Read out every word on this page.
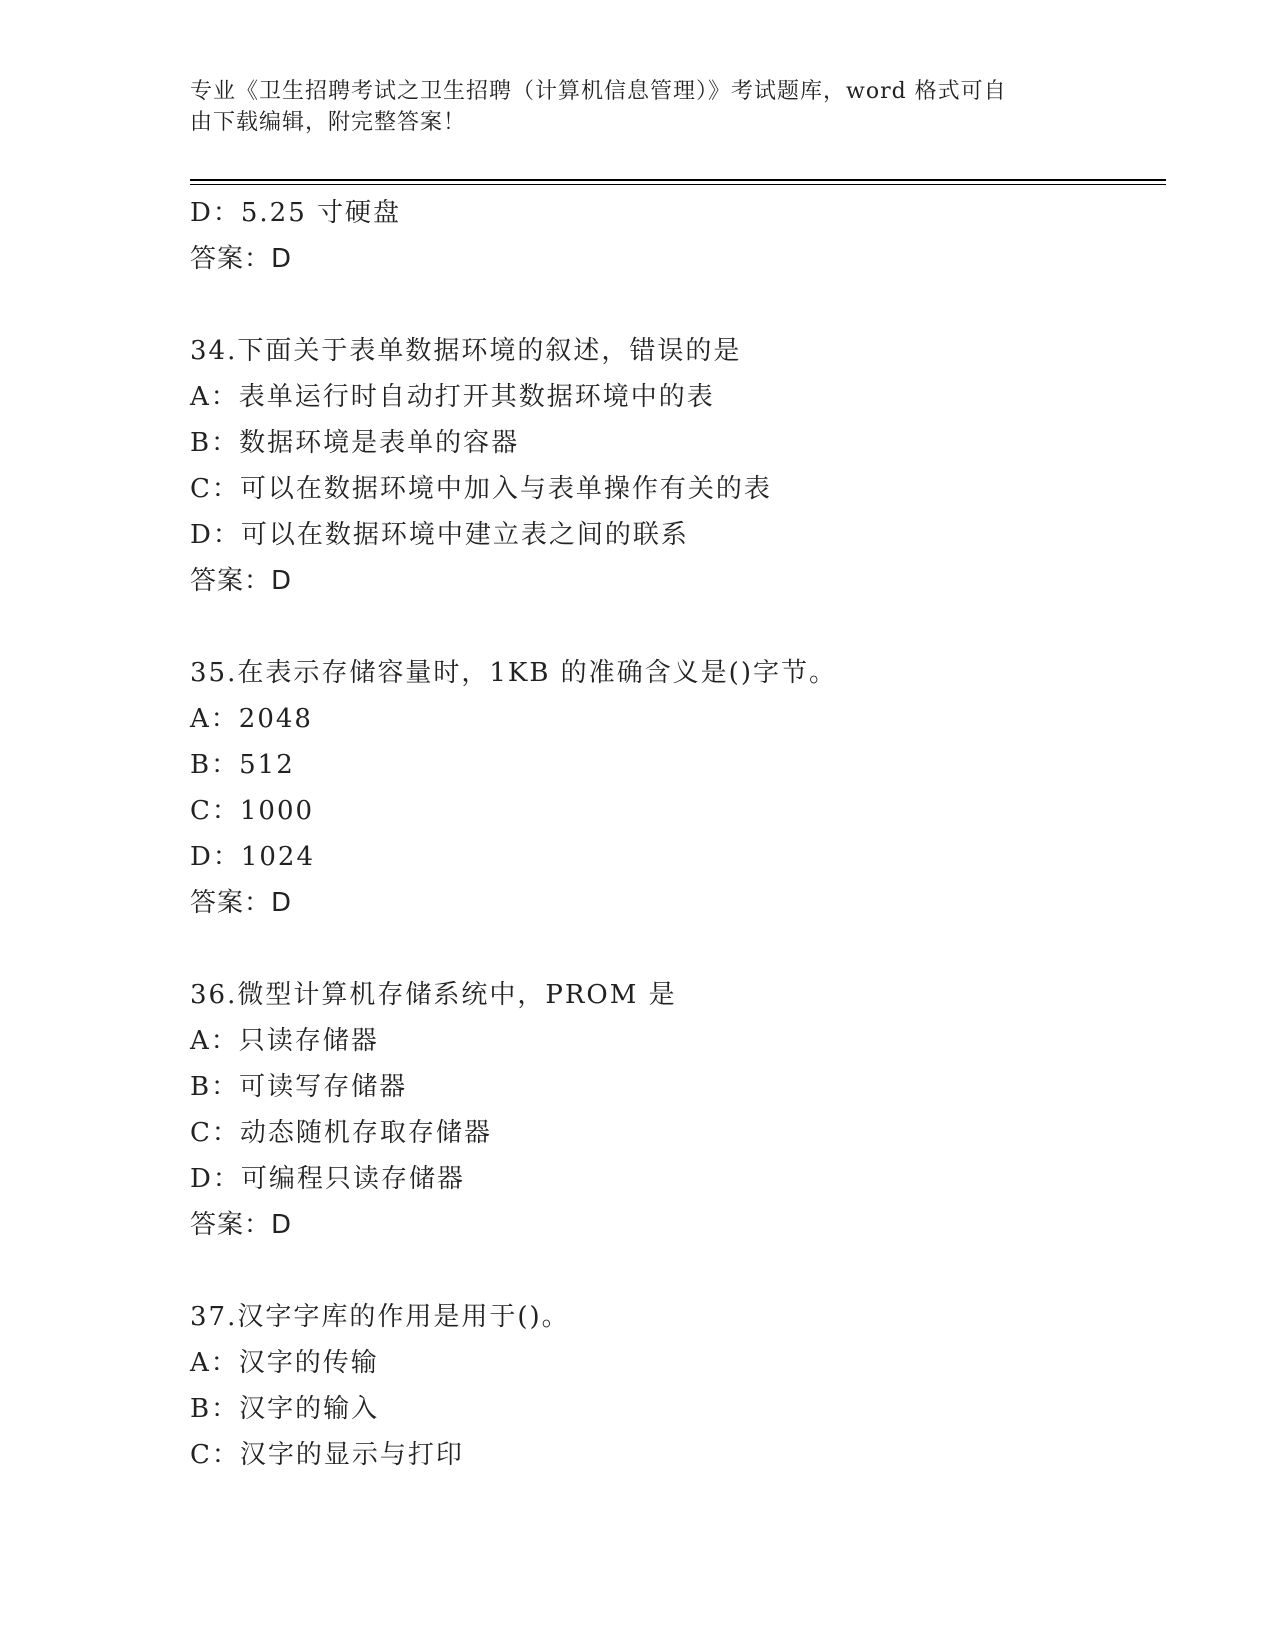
专业《卫生招聘考试之卫生招聘（计算机信息管理）》考试题库，word 格式可自
由下载编辑，附完整答案！
D：5.25 寸硬盘
答案：D
34.下面关于表单数据环境的叙述，错误的是
A：表单运行时自动打开其数据环境中的表
B：数据环境是表单的容器
C：可以在数据环境中加入与表单操作有关的表
D：可以在数据环境中建立表之间的联系
答案：D
35.在表示存储容量时，1KB 的准确含义是()字节。
A：2048
B：512
C：1000
D：1024
答案：D
36.微型计算机存储系统中，PROM 是
A：只读存储器
B：可读写存储器
C：动态随机存取存储器
D：可编程只读存储器
答案：D
37.汉字字库的作用是用于()。
A：汉字的传输
B：汉字的输入
C：汉字的显示与打印
